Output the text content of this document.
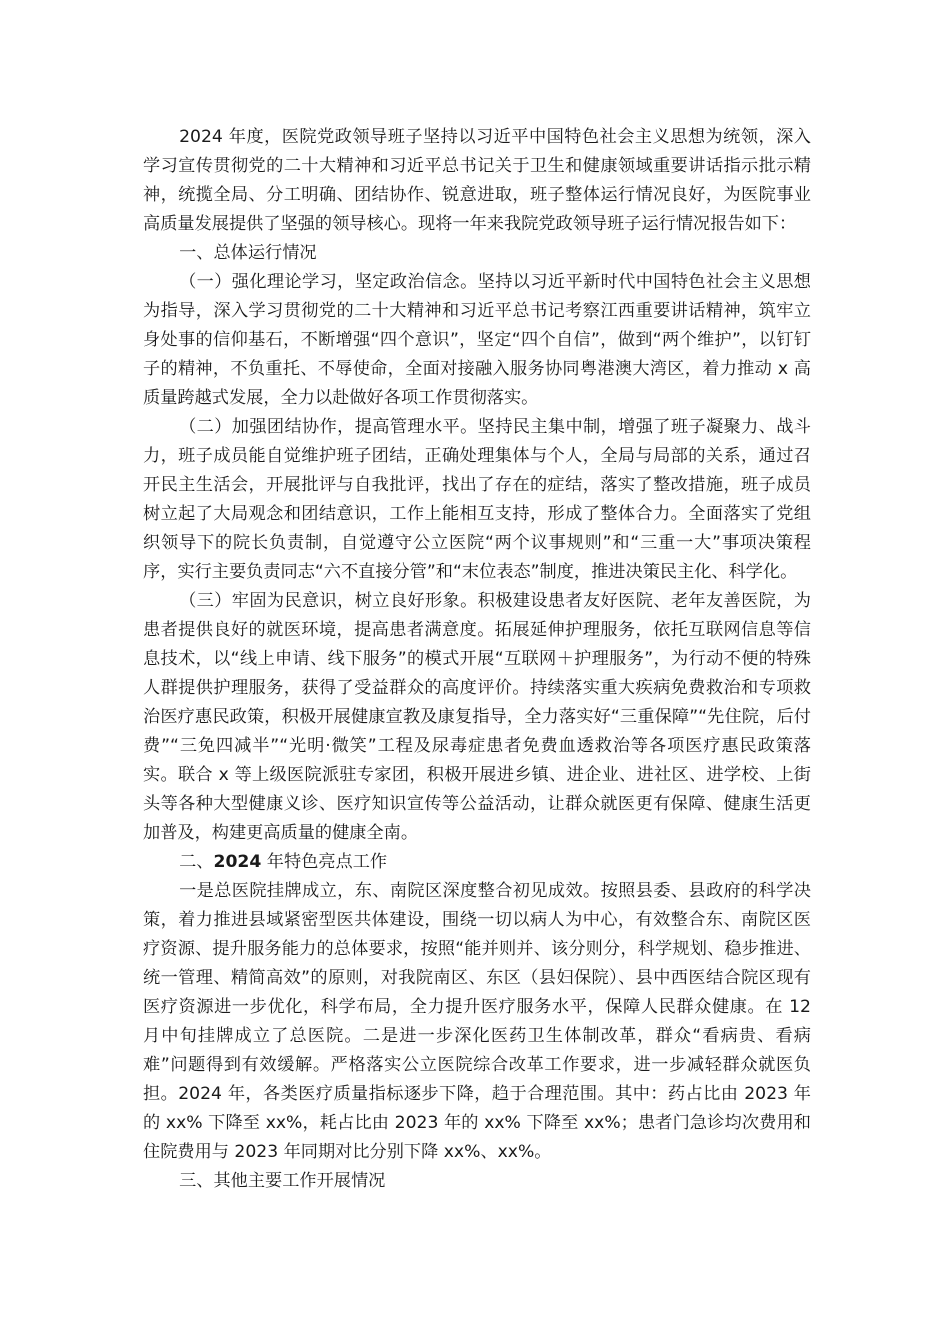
2024 年度，医院党政领导班子坚持以习近平中国特色社会主义思想为统领，深入学习宣传贯彻党的二十大精神和习近平总书记关于卫生和健康领域重要讲话指示批示精神，统揽全局、分工明确、团结协作、锐意进取，班子整体运行情况良好，为医院事业高质量发展提供了坚强的领导核心。现将一年来我院党政领导班子运行情况报告如下：

一、总体运行情况

（一）强化理论学习，坚定政治信念。坚持以习近平新时代中国特色社会主义思想为指导，深入学习贯彻党的二十大精神和习近平总书记考察江西重要讲话精神，筑牢立身处事的信仰基石，不断增强“四个意识”，坚定“四个自信”，做到“两个维护”，以钉钉子的精神，不负重托、不辱使命，全面对接融入服务协同粤港澳大湾区，着力推动 x 高质量跨越式发展，全力以赴做好各项工作贯彻落实。

（二）加强团结协作，提高管理水平。坚持民主集中制，增强了班子凝聚力、战斗力，班子成员能自觉维护班子团结，正确处理集体与个人，全局与局部的关系，通过召开民主生活会，开展批评与自我批评，找出了存在的症结，落实了整改措施，班子成员树立起了大局观念和团结意识，工作上能相互支持，形成了整体合力。全面落实了党组织领导下的院长负责制，自觉遵守公立医院“两个议事规则”和“三重一大”事项决策程序，实行主要负责同志“六不直接分管”和“末位表态”制度，推进决策民主化、科学化。

（三）牢固为民意识，树立良好形象。积极建设患者友好医院、老年友善医院，为患者提供良好的就医环境，提高患者满意度。拓展延伸护理服务，依托互联网信息等信息技术，以“线上申请、线下服务”的模式开展“互联网＋护理服务”，为行动不便的特殊人群提供护理服务，获得了受益群众的高度评价。持续落实重大疾病免费救治和专项救治医疗惠民政策，积极开展健康宣教及康复指导，全力落实好“三重保障”“先住院，后付费”“三免四减半”“光明·微笑”工程及尿毒症患者免费血透救治等各项医疗惠民政策落实。联合 x 等上级医院派驻专家团，积极开展进乡镇、进企业、进社区、进学校、上街头等各种大型健康义诊、医疗知识宣传等公益活动，让群众就医更有保障、健康生活更加普及，构建更高质量的健康全南。

二、2024 年特色亮点工作

一是总医院挂牌成立，东、南院区深度整合初见成效。按照县委、县政府的科学决策，着力推进县域紧密型医共体建设，围绕一切以病人为中心，有效整合东、南院区医疗资源、提升服务能力的总体要求，按照“能并则并、该分则分，科学规划、稳步推进、统一管理、精简高效”的原则，对我院南区、东区（县妇保院）、县中西医结合院区现有医疗资源进一步优化，科学布局，全力提升医疗服务水平，保障人民群众健康。在 12 月中旬挂牌成立了总医院。二是进一步深化医药卫生体制改革，群众“看病贵、看病难”问题得到有效缓解。严格落实公立医院综合改革工作要求，进一步减轻群众就医负担。2024 年，各类医疗质量指标逐步下降，趋于合理范围。其中：药占比由 2023 年的 xx% 下降至 xx%，耗占比由 2023 年的 xx% 下降至 xx%；患者门急诊均次费用和住院费用与 2023 年同期对比分别下降 xx%、xx%。

三、其他主要工作开展情况
